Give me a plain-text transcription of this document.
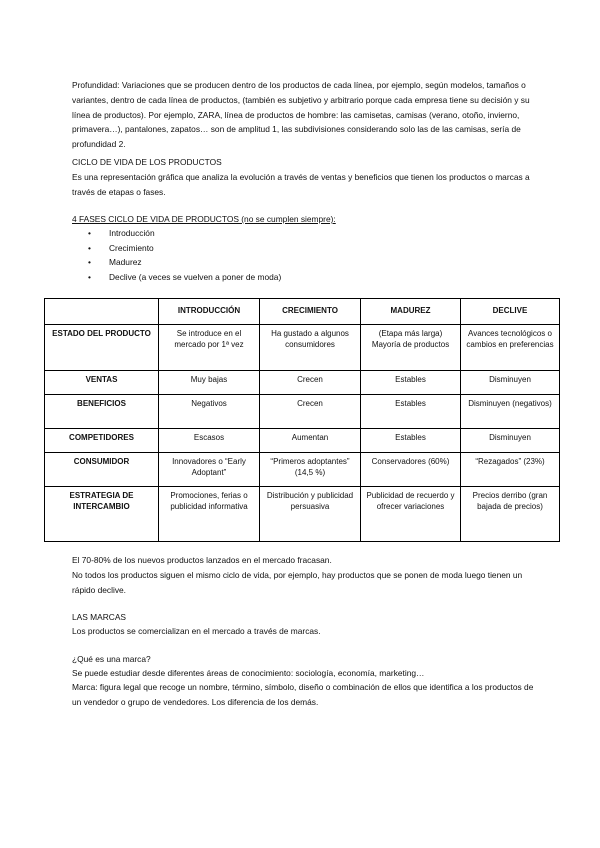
Profundidad: Variaciones que se producen dentro de los productos de cada línea, por ejemplo, según modelos, tamaños o variantes, dentro de cada línea de productos, (también es subjetivo y arbitrario porque cada empresa tiene su decisión y su línea de productos). Por ejemplo, ZARA, línea de productos de hombre: las camisetas, camisas (verano, otoño, invierno, primavera…), pantalones, zapatos… son de amplitud 1, las subdivisiones considerando solo las de las camisas, sería de profundidad 2.

CICLO DE VIDA DE LOS PRODUCTOS

Es una representación gráfica que analiza la evolución a través de ventas y beneficios que tienen los productos o marcas a través de etapas o fases.

4 FASES CICLO DE VIDA DE PRODUCTOS (no se cumplen siempre):
• Introducción
• Crecimiento
• Madurez
• Declive (a veces se vuelven a poner de moda)
	INTRODUCCIÓN	CRECIMIENTO	MADUREZ	DECLIVE
ESTADO DEL PRODUCTO	Se introduce en el mercado por 1ª vez	Ha gustado a algunos consumidores	(Etapa más larga) Mayoría de productos	Avances tecnológicos o cambios en preferencias
VENTAS	Muy bajas	Crecen	Estables	Disminuyen
BENEFICIOS	Negativos	Crecen	Estables	Disminuyen (negativos)
COMPETIDORES	Escasos	Aumentan	Estables	Disminuyen
CONSUMIDOR	Innovadores o “Early Adoptant”	“Primeros adoptantes” (14,5 %)	Conservadores (60%)	“Rezagados” (23%)
ESTRATEGIA DE INTERCAMBIO	Promociones, ferias o publicidad informativa	Distribución y publicidad persuasiva	Publicidad de recuerdo y ofrecer variaciones	Precios derribo (gran bajada de precios)

El 70-80% de los nuevos productos lanzados en el mercado fracasan.

No todos los productos siguen el mismo ciclo de vida, por ejemplo, hay productos que se ponen de moda luego tienen un rápido declive.

LAS MARCAS

Los productos se comercializan en el mercado a través de marcas.

¿Qué es una marca?

Se puede estudiar desde diferentes áreas de conocimiento: sociología, economía, marketing…

Marca: figura legal que recoge un nombre, término, símbolo, diseño o combinación de ellos que identifica a los productos de un vendedor o grupo de vendedores. Los diferencia de los demás.
